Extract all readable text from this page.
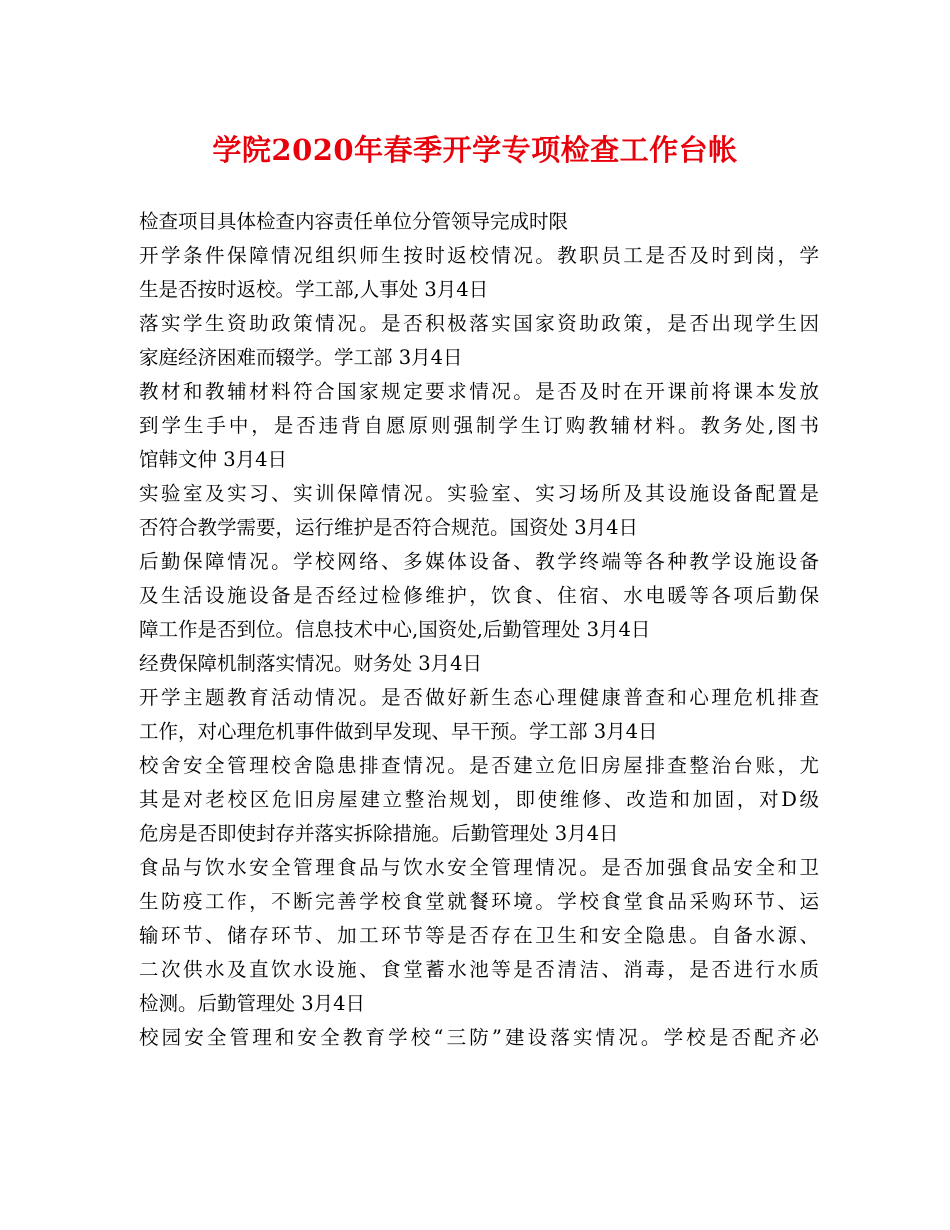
学院2020年春季开学专项检查工作台帐
检查项目具体检查内容责任单位分管领导完成时限
开学条件保障情况组织师生按时返校情况。教职员工是否及时到岗，学
生是否按时返校。学工部,人事处 3月4日
落实学生资助政策情况。是否积极落实国家资助政策，是否出现学生因
家庭经济困难而辍学。学工部 3月4日
教材和教辅材料符合国家规定要求情况。是否及时在开课前将课本发放
到学生手中，是否违背自愿原则强制学生订购教辅材料。教务处,图书
馆韩文仲 3月4日
实验室及实习、实训保障情况。实验室、实习场所及其设施设备配置是
否符合教学需要，运行维护是否符合规范。国资处 3月4日
后勤保障情况。学校网络、多媒体设备、教学终端等各种教学设施设备
及生活设施设备是否经过检修维护，饮食、住宿、水电暖等各项后勤保
障工作是否到位。信息技术中心,国资处,后勤管理处 3月4日
经费保障机制落实情况。财务处 3月4日
开学主题教育活动情况。是否做好新生态心理健康普查和心理危机排查
工作，对心理危机事件做到早发现、早干预。学工部 3月4日
校舍安全管理校舍隐患排查情况。是否建立危旧房屋排查整治台账，尤
其是对老校区危旧房屋建立整治规划，即使维修、改造和加固，对D级
危房是否即使封存并落实拆除措施。后勤管理处 3月4日
食品与饮水安全管理食品与饮水安全管理情况。是否加强食品安全和卫
生防疫工作，不断完善学校食堂就餐环境。学校食堂食品采购环节、运
输环节、储存环节、加工环节等是否存在卫生和安全隐患。自备水源、
二次供水及直饮水设施、食堂蓄水池等是否清洁、消毒，是否进行水质
检测。后勤管理处 3月4日
校园安全管理和安全教育学校“三防”建设落实情况。学校是否配齐必
